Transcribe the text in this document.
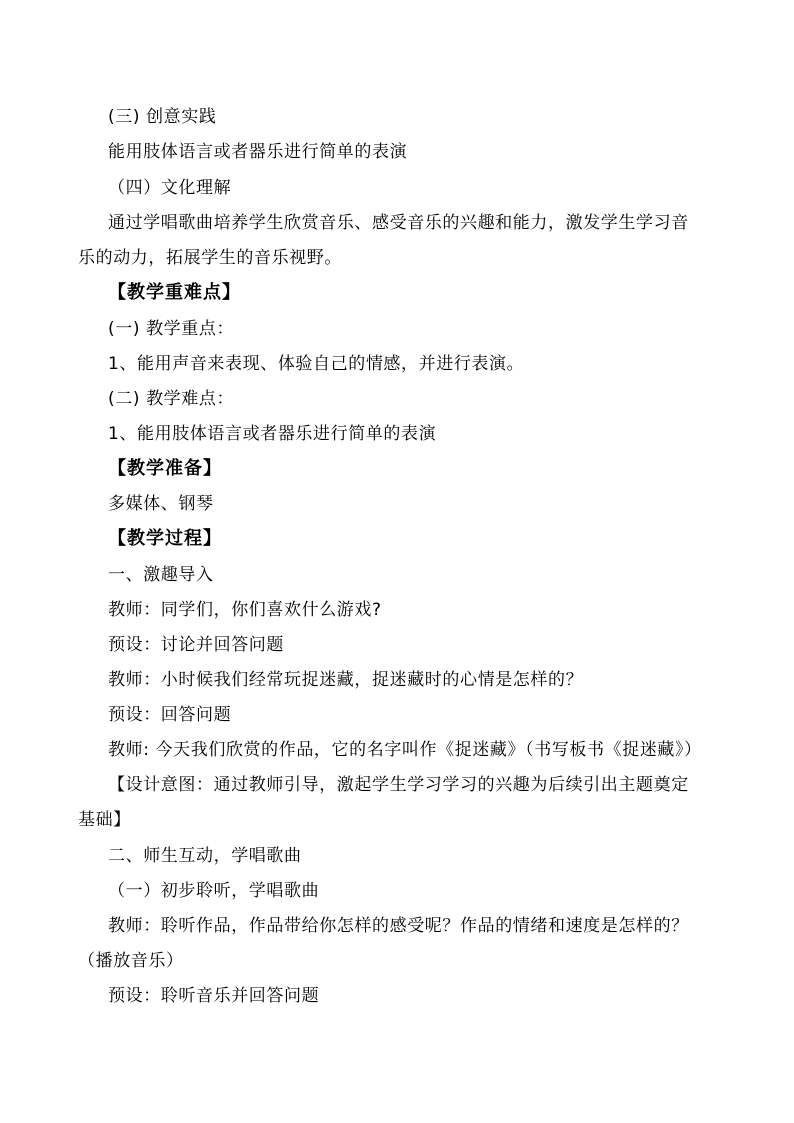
(三) 创意实践
能用肢体语言或者器乐进行简单的表演
（四）文化理解
通过学唱歌曲培养学生欣赏音乐、感受音乐的兴趣和能力，激发学生学习音
乐的动力，拓展学生的音乐视野。
【教学重难点】
(一) 教学重点：
1、能用声音来表现、体验自己的情感，并进行表演。
(二) 教学难点：
1、能用肢体语言或者器乐进行简单的表演
【教学准备】
多媒体、钢琴
【教学过程】
一、激趣导入
教师：同学们，你们喜欢什么游戏?
预设：讨论并回答问题
教师：小时候我们经常玩捉迷藏，捉迷藏时的心情是怎样的？
预设：回答问题
教师: 今天我们欣赏的作品，它的名字叫作《捉迷藏》（书写板书《捉迷藏》）
【设计意图：通过教师引导，激起学生学习学习的兴趣为后续引出主题奠定
基础】
二、师生互动，学唱歌曲
（一）初步聆听，学唱歌曲
教师：聆听作品，作品带给你怎样的感受呢？作品的情绪和速度是怎样的？
（播放音乐）
预设：聆听音乐并回答问题
